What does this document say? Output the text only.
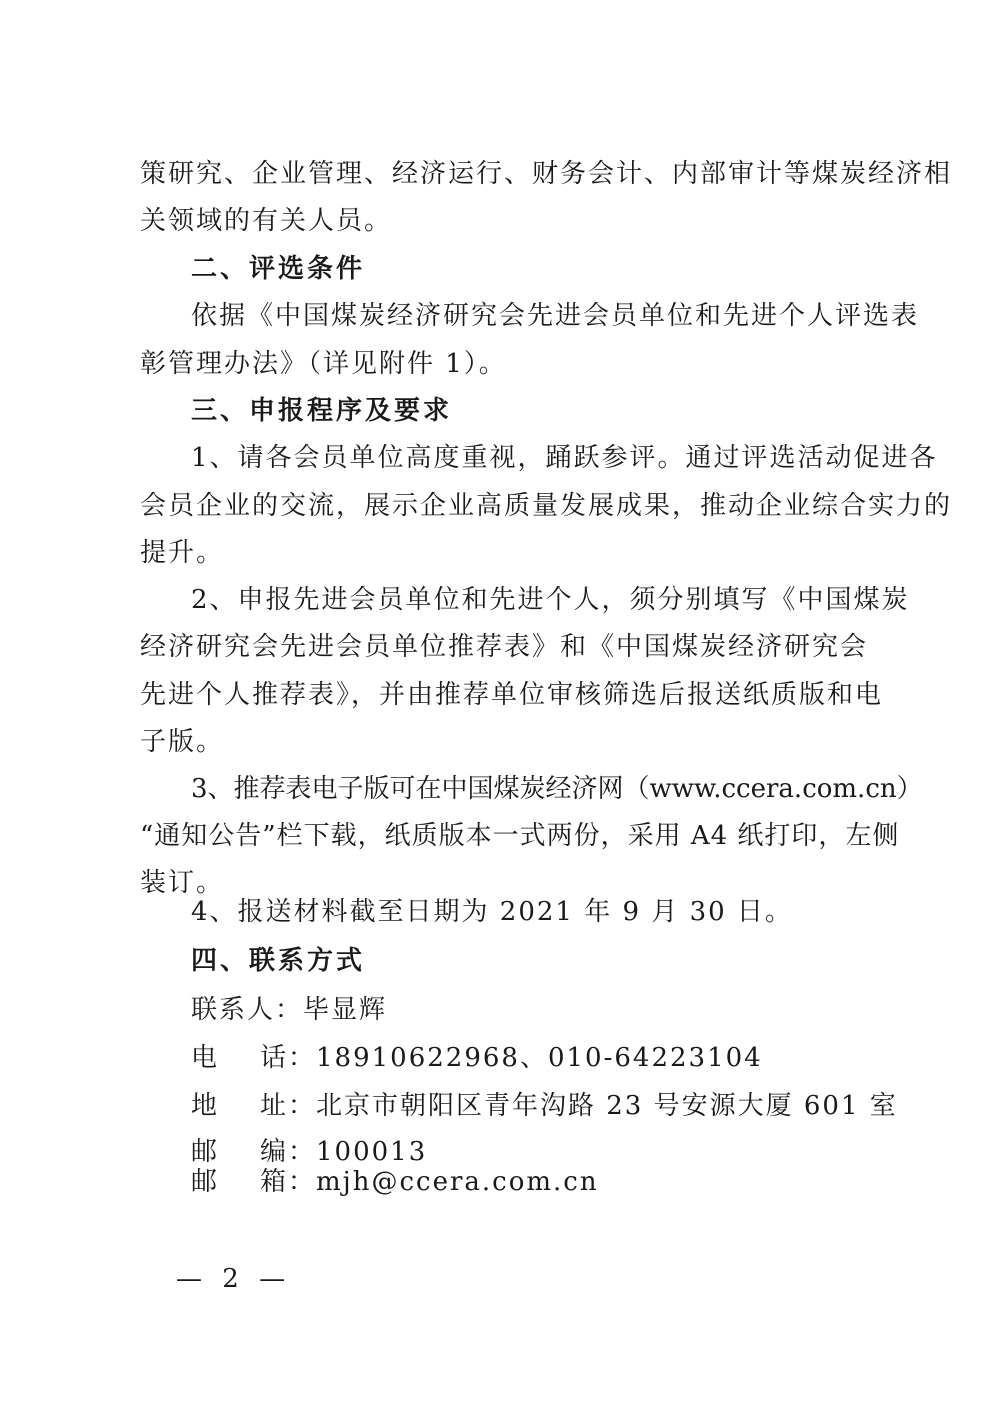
策研究、企业管理、经济运行、财务会计、内部审计等煤炭经济相
关领域的有关人员。
二、评选条件
依据《中国煤炭经济研究会先进会员单位和先进个人评选表
彰管理办法》（详见附件 1）。
三、申报程序及要求
1、请各会员单位高度重视，踊跃参评。通过评选活动促进各
会员企业的交流，展示企业高质量发展成果，推动企业综合实力的
提升。
2、申报先进会员单位和先进个人，须分别填写《中国煤炭
经济研究会先进会员单位推荐表》和《中国煤炭经济研究会
先进个人推荐表》，并由推荐单位审核筛选后报送纸质版和电
子版。
3、推荐表电子版可在中国煤炭经济网（www.ccera.com.cn）
“通知公告”栏下载，纸质版本一式两份，采用 A4 纸打印，左侧
装订。
4、报送材料截至日期为 2021 年 9 月 30 日。
四、联系方式
联系人：毕显辉
电话：18910622968、010-64223104
地址：北京市朝阳区青年沟路 23 号安源大厦 601 室
邮编：100013
— 2 —
邮箱：mjh@ccera.com.cn
